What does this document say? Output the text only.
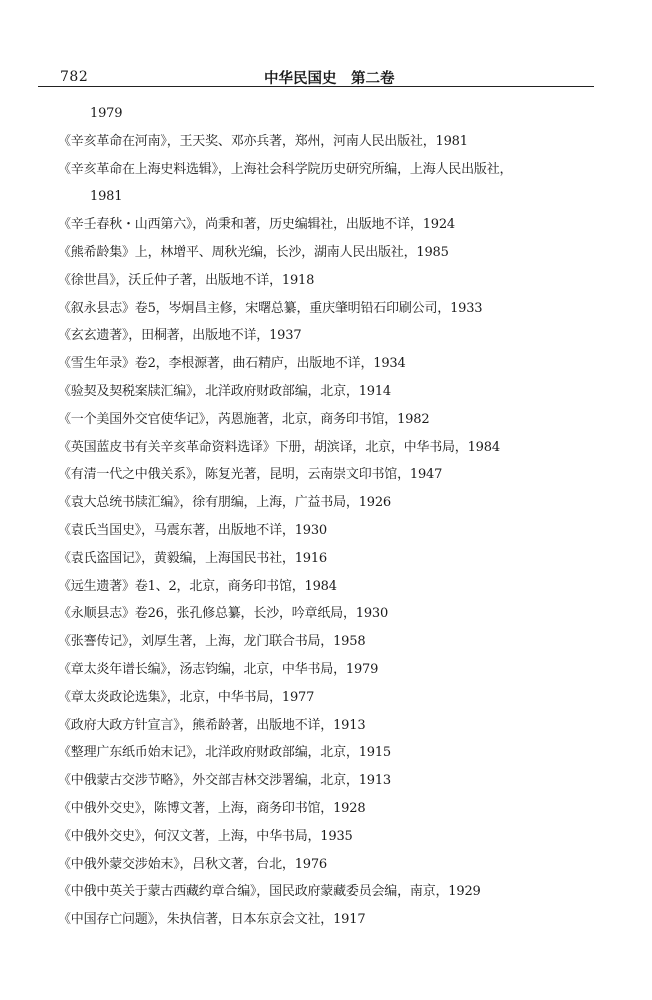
782	中华民国史　第二卷
1979
《辛亥革命在河南》，王天奖、邓亦兵著，郑州，河南人民出版社，1981
《辛亥革命在上海史料选辑》，上海社会科学院历史研究所编，上海人民出版社，
1981
《辛壬春秋・山西第六》，尚秉和著，历史编辑社，出版地不详，1924
《熊希龄集》上，林增平、周秋光编，长沙，湖南人民出版社，1985
《徐世昌》，沃丘仲子著，出版地不详，1918
《叙永县志》卷5，岑炯昌主修，宋曙总纂，重庆肇明铅石印刷公司，1933
《玄玄遗著》，田桐著，出版地不详，1937
《雪生年录》卷2，李根源著，曲石精庐，出版地不详，1934
《验契及契税案牍汇编》，北洋政府财政部编，北京，1914
《一个美国外交官使华记》，芮恩施著，北京，商务印书馆，1982
《英国蓝皮书有关辛亥革命资料选译》下册，胡滨译，北京，中华书局，1984
《有清一代之中俄关系》，陈复光著，昆明，云南崇文印书馆，1947
《袁大总统书牍汇编》，徐有朋编，上海，广益书局，1926
《袁氏当国史》，马震东著，出版地不详，1930
《袁氏盗国记》，黄毅编，上海国民书社，1916
《远生遗著》卷1、2，北京，商务印书馆，1984
《永顺县志》卷26，张孔修总纂，长沙，吟章纸局，1930
《张謇传记》，刘厚生著，上海，龙门联合书局，1958
《章太炎年谱长编》，汤志钧编，北京，中华书局，1979
《章太炎政论选集》，北京，中华书局，1977
《政府大政方针宣言》，熊希龄著，出版地不详，1913
《整理广东纸币始末记》，北洋政府财政部编，北京，1915
《中俄蒙古交涉节略》，外交部吉林交涉署编，北京，1913
《中俄外交史》，陈博文著，上海，商务印书馆，1928
《中俄外交史》，何汉文著，上海，中华书局，1935
《中俄外蒙交涉始末》，吕秋文著，台北，1976
《中俄中英关于蒙古西藏约章合编》，国民政府蒙藏委员会编，南京，1929
《中国存亡问题》，朱执信著，日本东京会文社，1917
